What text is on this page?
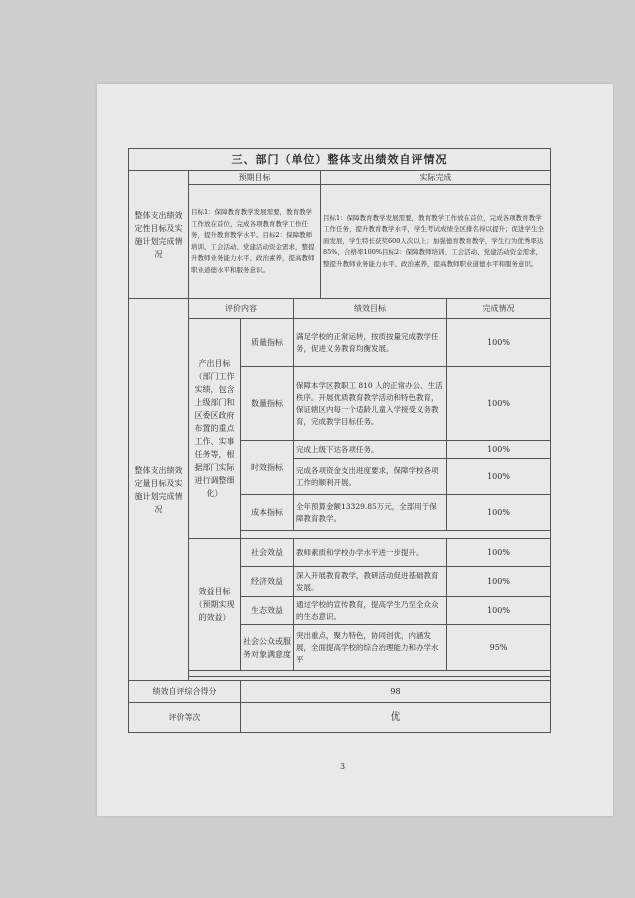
三、部门（单位）整体支出绩效自评情况					
整体支出绩效定性目标及实施计划完成情况	预期目标			实际完成	
	目标1：保障教育教学发展需要，教育教学工作放在首位，完成各项教育教学工作任务，提升教育教学水平。目标2：保障教师培训、工会活动、党建活动资金需求，整提升教师业务能力水平、政治素养，提高教师职业道德水平和服务意识。			目标1：保障教育教学发展需要，教育教学工作放在首位，完成各项教育教学工作任务，提升教育教学水平，学生考试成绩全区排名得以提升；促进学生全面发展，学生特长获奖600人次以上；加强德育教育教学，学生行为优秀率达85%，合格率100%目标2：保障教师培训、工会活动、党建活动资金需求，整提升教师业务能力水平、政治素养，提高教师职业道德水平和服务意识。	
整体支出绩效定量目标及实施计划完成情况	评价内容		绩效目标		完成情况
	产出目标（部门工作实绩，包含上级部门和区委区政府布置的重点工作、实事任务等，根据部门实际进行调整细化）	质量指标	满足学校的正常运转，按质按量完成教学任务，促进义务教育均衡发展。		100%
		数量指标	保障本学区教职工 810 人的正常办公、生活秩序。开展优质教育教学活动和特色教育，保证辖区内每一个适龄儿童入学接受义务教育，完成教学目标任务。		100%
		时效指标	完成上级下达各项任务。		100%
			完成各项资金支出进度要求，保障学校各项工作的顺利开展。		100%
		成本指标	全年预算金额13329.85万元，全部用于保障教育教学。		100%

	效益目标（预期实现的效益）	社会效益	教师素质和学校办学水平进一步提升。		100%
		经济效益	深入开展教育教学，教研活动促进基础教育发展。		100%
		生态效益	通过学校的宣传教育，提高学生乃至全众众的生态意识。		100%
		社会公众或服务对象满意度	突出重点，聚力特色，协同创优，内涵发展，全面提高学校的综合治理能力和办学水平		95%

绩效自评综合得分		98			
评价等次		优			
3
